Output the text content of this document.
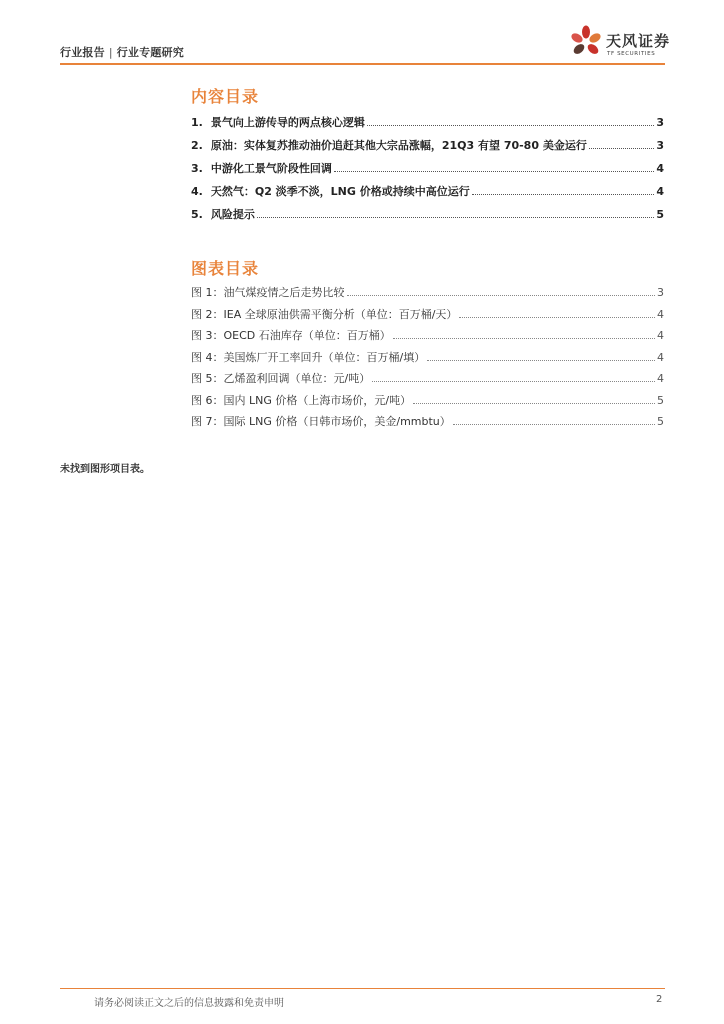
行业报告 | 行业专题研究
天风证券
TF SECURITIES
内容目录
1. 景气向上游传导的两点核心逻辑	3
2. 原油：实体复苏推动油价追赶其他大宗品涨幅，21Q3 有望 70-80 美金运行	3
3. 中游化工景气阶段性回调	4
4. 天然气：Q2 淡季不淡，LNG 价格或持续中高位运行	4
5. 风险提示	5
图表目录
图 1：油气煤疫情之后走势比较	3
图 2：IEA 全球原油供需平衡分析（单位：百万桶/天）	4
图 3：OECD 石油库存（单位：百万桶）	4
图 4：美国炼厂开工率回升（单位：百万桶/填）	4
图 5：乙烯盈利回调（单位：元/吨）	4
图 6：国内 LNG 价格（上海市场价，元/吨）	5
图 7：国际 LNG 价格（日韩市场价，美金/mmbtu）	5
未找到图形项目表。
请务必阅读正文之后的信息披露和免责申明	2
